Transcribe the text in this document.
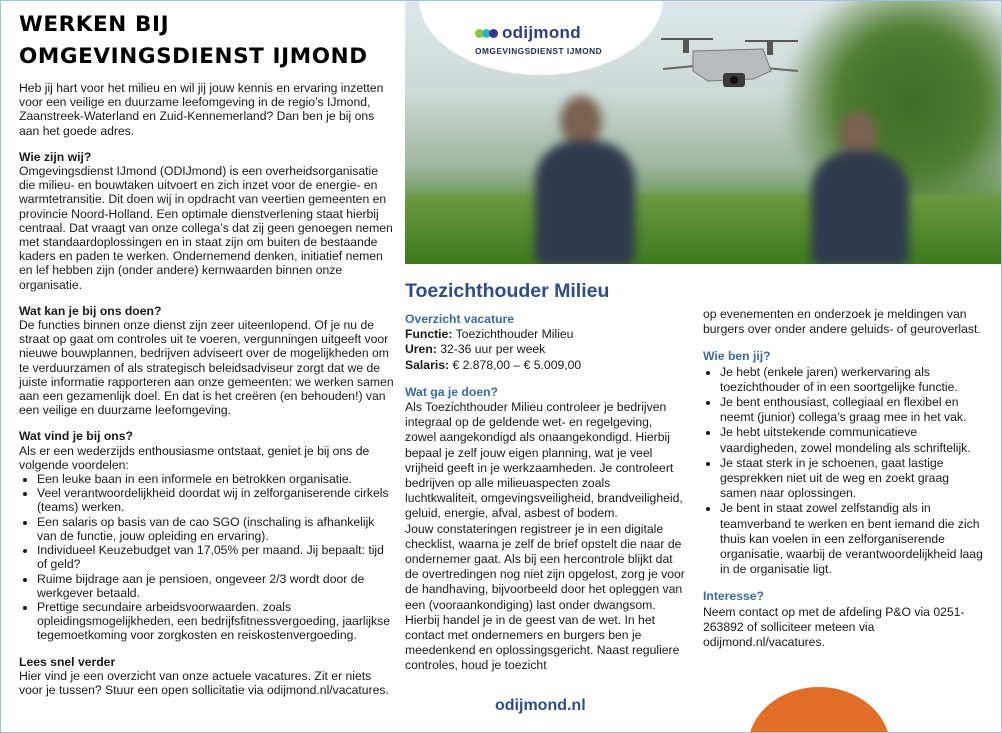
WERKEN BIJ
OMGEVINGSDIENST IJMOND

Heb jij hart voor het milieu en wil jij jouw kennis en ervaring inzetten voor een veilige en duurzame leefomgeving in de regio’s IJmond, Zaanstreek-Waterland en Zuid-Kennemerland? Dan ben je bij ons aan het goede adres.

Wie zijn wij?

Omgevingsdienst IJmond (ODIJmond) is een overheidsorganisatie die milieu- en bouwtaken uitvoert en zich inzet voor de energie- en warmtetransitie. Dit doen wij in opdracht van veertien gemeenten en provincie Noord-Holland. Een optimale dienstverlening staat hierbij centraal. Dat vraagt van onze collega’s dat zij geen genoegen nemen met standaardoplossingen en in staat zijn om buiten de bestaande kaders en paden te werken. Ondernemend denken, initiatief nemen en lef hebben zijn (onder andere) kernwaarden binnen onze organisatie.

Wat kan je bij ons doen?

De functies binnen onze dienst zijn zeer uiteenlopend. Of je nu de straat op gaat om controles uit te voeren, vergunningen uitgeeft voor nieuwe bouwplannen, bedrijven adviseert over de mogelijkheden om te verduurzamen of als strategisch beleidsadviseur zorgt dat we de juiste informatie rapporteren aan onze gemeenten: we werken samen aan een gezamenlijk doel. En dat is het creëren (en behouden!) van een veilige en duurzame leefomgeving.

Wat vind je bij ons?

Als er een wederzijds enthousiasme ontstaat, geniet je bij ons de volgende voordelen:

• Een leuke baan in een informele en betrokken organisatie.
• Veel verantwoordelijkheid doordat wij in zelforganiserende cirkels (teams) werken.
• Een salaris op basis van de cao SGO (inschaling is afhankelijk van de functie, jouw opleiding en ervaring).
• Individueel Keuzebudget van 17,05% per maand. Jij bepaalt: tijd of geld?
• Ruime bijdrage aan je pensioen, ongeveer 2/3 wordt door de werkgever betaald.
• Prettige secundaire arbeidsvoorwaarden. zoals opleidingsmogelijkheden, een bedrijfsfitnessvergoeding, jaarlijkse tegemoetkoming voor zorgkosten en reiskostenvergoeding.

Lees snel verder

Hier vind je een overzicht van onze actuele vacatures. Zit er niets voor je tussen? Stuur een open sollicitatie via odijmond.nl/vacatures.

odijmond
OMGEVINGSDIENST IJMOND
Toezichthouder Milieu

Overzicht vacature

Functie: Toezichthouder Milieu
Uren: 32-36 uur per week
Salaris: € 2.878,00 – € 5.009,00

Wat ga je doen?

Als Toezichthouder Milieu controleer je bedrijven integraal op de geldende wet- en regelgeving, zowel aangekondigd als onaangekondigd. Hierbij bepaal je zelf jouw eigen planning, wat je veel vrijheid geeft in je werkzaamheden. Je controleert bedrijven op alle milieuaspecten zoals luchtkwaliteit, omgevingsveiligheid, brandveiligheid, geluid, energie, afval, asbest of bodem.

Jouw constateringen registreer je in een digitale checklist, waarna je zelf de brief opstelt die naar de ondernemer gaat. Als bij een hercontrole blijkt dat de overtredingen nog niet zijn opgelost, zorg je voor de handhaving, bijvoorbeeld door het opleggen van een (vooraankondiging) last onder dwangsom. Hierbij handel je in de geest van de wet. In het contact met ondernemers en burgers ben je meedenkend en oplossingsgericht. Naast reguliere controles, houd je toezicht

op evenementen en onderzoek je meldingen van burgers over onder andere geluids- of geuroverlast.

Wie ben jij?

• Je hebt (enkele jaren) werkervaring als toezichthouder of in een soortgelijke functie.
• Je bent enthousiast, collegiaal en flexibel en neemt (junior) collega’s graag mee in het vak.
• Je hebt uitstekende communicatieve vaardigheden, zowel mondeling als schriftelijk.
• Je staat sterk in je schoenen, gaat lastige gesprekken niet uit de weg en zoekt graag samen naar oplossingen.
• Je bent in staat zowel zelfstandig als in teamverband te werken en bent iemand die zich thuis kan voelen in een zelforganiserende organisatie, waarbij de verantwoordelijkheid laag in de organisatie ligt.

Interesse?

Neem contact op met de afdeling P&O via 0251-263892 of solliciteer meteen via odijmond.nl/vacatures.

odijmond.nl
